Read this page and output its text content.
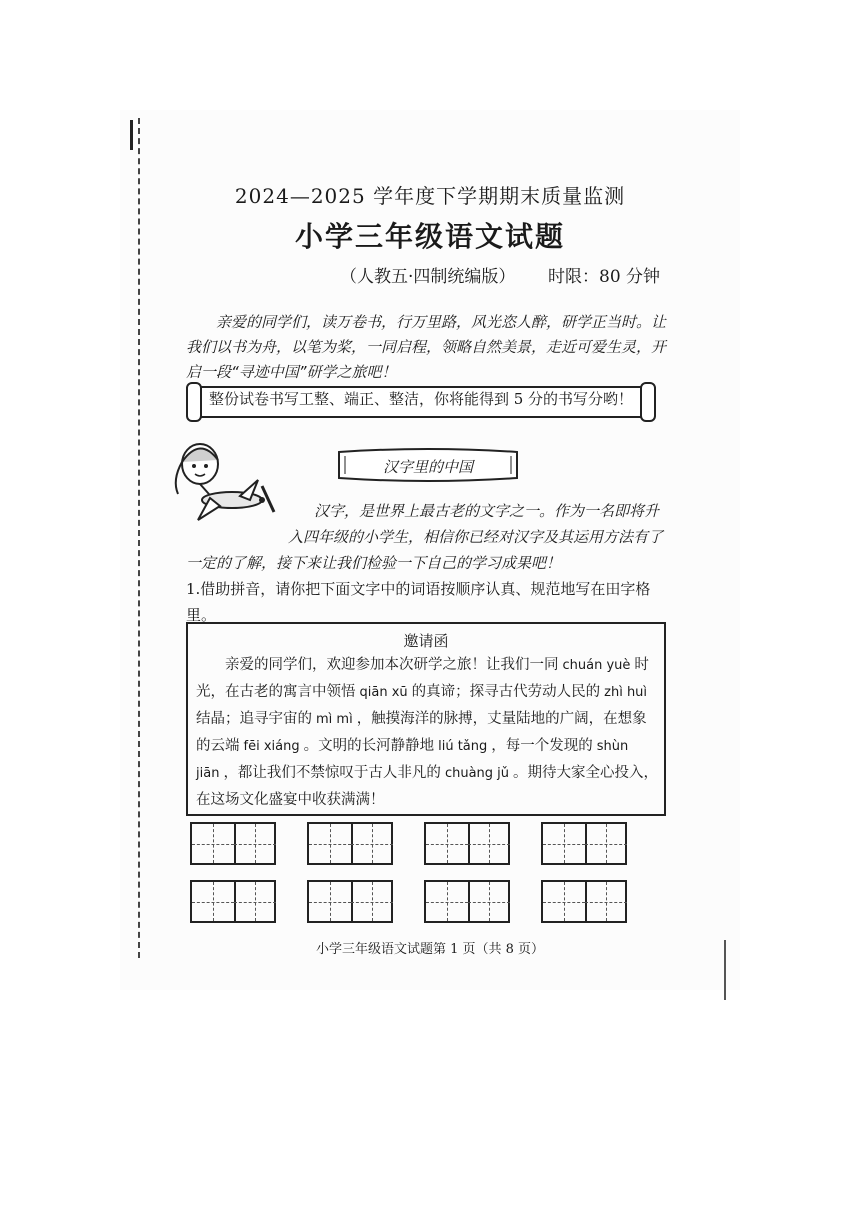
2024—2025 学年度下学期期末质量监测
小学三年级语文试题
（人教五·四制统编版） 时限：80 分钟
亲爱的同学们，读万卷书，行万里路，风光恣人醉，研学正当时。让我们以书为舟，以笔为桨，一同启程，领略自然美景，走近可爱生灵，开启一段“寻迹中国”研学之旅吧！
整份试卷书写工整、端正、整洁，你将能得到 5 分的书写分哟！
汉字里的中国
汉字，是世界上最古老的文字之一。作为一名即将升
入四年级的小学生，相信你已经对汉字及其运用方法有了
一定的了解，接下来让我们检验一下自己的学习成果吧！
1.借助拼音，请你把下面文字中的词语按顺序认真、规范地写在田字格里。
邀请函
亲爱的同学们，欢迎参加本次研学之旅！让我们一同 chuán yuè 时光，在古老的寓言中领悟 qiān xū 的真谛；探寻古代劳动人民的 zhì huì结晶；追寻宇宙的 mì mì ，触摸海洋的脉搏，丈量陆地的广阔，在想象的云端 fēi xiáng 。文明的长河静静地 liú tǎng ，每一个发现的 shùn jiān ，都让我们不禁惊叹于古人非凡的 chuàng jǔ 。期待大家全心投入，在这场文化盛宴中收获满满！
小学三年级语文试题第 1 页（共 8 页）
